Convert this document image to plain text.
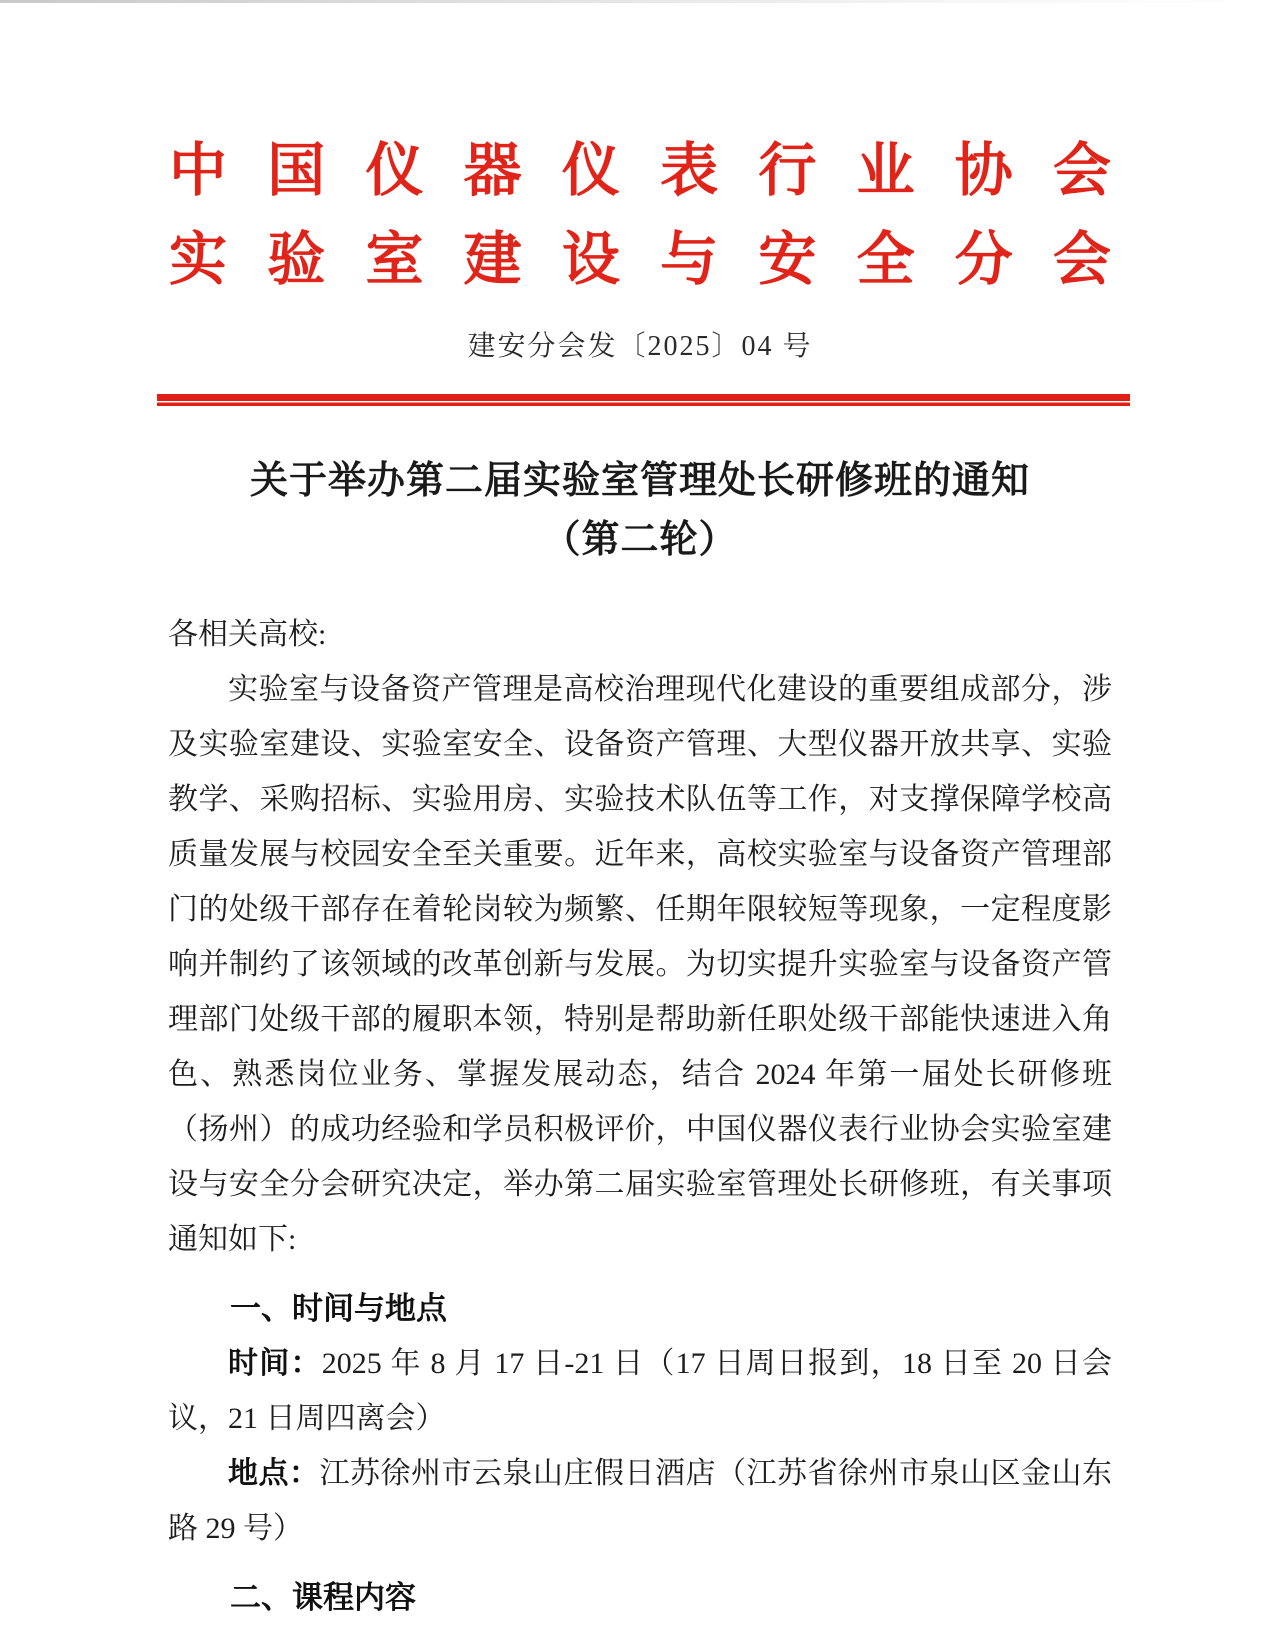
中 国 仪 器 仪 表 行 业 协 会
实 验 室 建 设 与 安 全 分 会
建安分会发〔2025〕04 号
关于举办第二届实验室管理处长研修班的通知
（第二轮）
各相关高校:

实验室与设备资产管理是高校治理现代化建设的重要组成部分，涉及实验室建设、实验室安全、设备资产管理、大型仪器开放共享、实验教学、采购招标、实验用房、实验技术队伍等工作，对支撑保障学校高质量发展与校园安全至关重要。近年来，高校实验室与设备资产管理部门的处级干部存在着轮岗较为频繁、任期年限较短等现象，一定程度影响并制约了该领域的改革创新与发展。为切实提升实验室与设备资产管理部门处级干部的履职本领，特别是帮助新任职处级干部能快速进入角色、熟悉岗位业务、掌握发展动态，结合 2024 年第一届处长研修班（扬州）的成功经验和学员积极评价，中国仪器仪表行业协会实验室建设与安全分会研究决定，举办第二届实验室管理处长研修班，有关事项通知如下:

一、时间与地点

时间：2025 年 8 月 17 日-21 日（17 日周日报到，18 日至 20 日会议，21 日周四离会）

地点：江苏徐州市云泉山庄假日酒店（江苏省徐州市泉山区金山东路 29 号）

二、课程内容
